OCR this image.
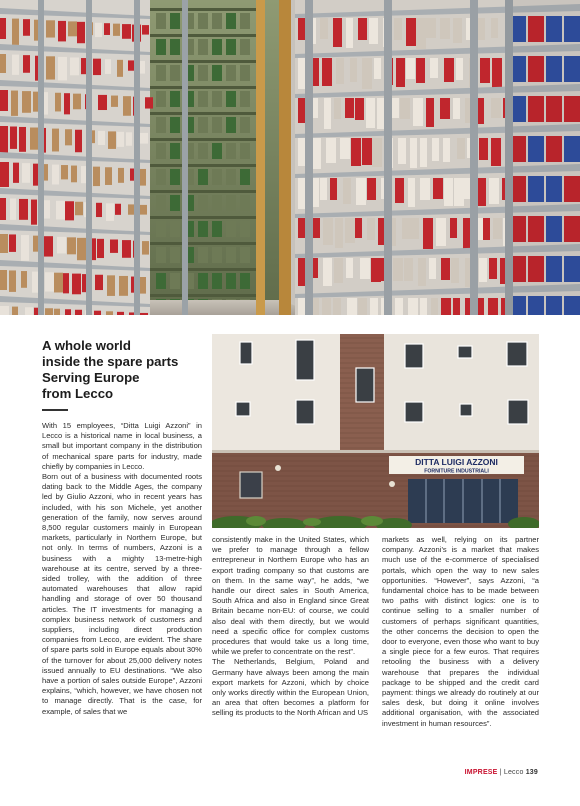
A whole world
inside the spare parts
Serving Europe
from Lecco
DITTA LUIGI AZZONI
FORNITURE INDUSTRIALI

With 15 employees, “Ditta Luigi Azzoni” in Lecco is a historical name in local business, a small but important company in the distribution of mechanical spare parts for industry, made chiefly by companies in Lecco.

Born out of a business with documented roots dating back to the Middle Ages, the company led by Giulio Azzoni, who in recent years has included, with his son Michele, yet another generation of the family, now serves around 8,500 regular customers mainly in European markets, particularly in Northern Europe, but not only. In terms of numbers, Azzoni is a business with a mighty 13-metre-high warehouse at its centre, served by a three-sided trolley, with the addition of three automated warehouses that allow rapid handling and storage of over 50 thousand articles. The IT investments for managing a complex business network of customers and suppliers, including direct production companies from Lecco, are evident. The share of spare parts sold in Europe equals about 30% of the turnover for about 25,000 delivery notes issued annually to EU destinations. “We also have a portion of sales outside Europe”, Azzoni explains, “which, however, we have chosen not to manage directly. That is the case, for example, of sales that we

consistently make in the United States, which we prefer to manage through a fellow entrepreneur in Northern Europe who has an export trading company so that customs are on them. In the same way”, he adds, “we handle our direct sales in South America, South Africa and also in England since Great Britain became non-EU: of course, we could also deal with them directly, but we would need a specific office for complex customs procedures that would take us a long time, while we prefer to concentrate on the rest”.

The Netherlands, Belgium, Poland and Germany have always been among the main export markets for Azzoni, which by choice only works directly within the European Union, an area that often becomes a platform for selling its products to the North African and US

markets as well, relying on its partner company. Azzoni’s is a market that makes much use of the e-commerce of specialised portals, which open the way to new sales opportunities. “However”, says Azzoni, “a fundamental choice has to be made between two paths with distinct logics: one is to continue selling to a smaller number of customers of perhaps significant quantities, the other concerns the decision to open the door to everyone, even those who want to buy a single piece for a few euros. That requires retooling the business with a delivery warehouse that prepares the individual package to be shipped and the credit card payment: things we already do routinely at our sales desk, but doing it online involves additional organisation, with the associated investment in human resources”.

IMPRESE | Lecco 139
